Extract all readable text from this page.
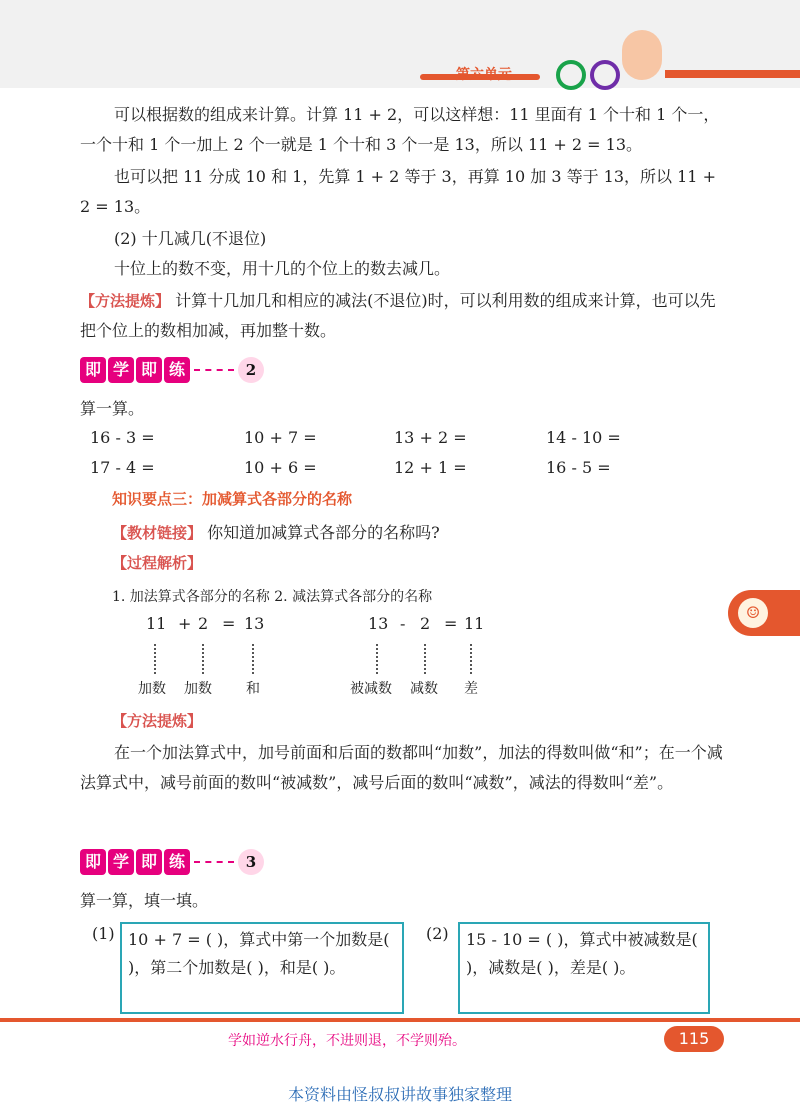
第六单元
可以根据数的组成来计算。计算 11 + 2，可以这样想：11 里面有 1 个十和 1 个一，一个十和 1 个一加上 2 个一就是 1 个十和 3 个一是 13，所以 11 + 2 = 13。
也可以把 11 分成 10 和 1，先算 1 + 2 等于 3，再算 10 加 3 等于 13，所以 11 + 2 = 13。
(2) 十几减几(不退位)
十位上的数不变，用十几的个位上的数去减几。
【方法提炼】 计算十几加几和相应的减法(不退位)时，可以利用数的组成来计算，也可以先把个位上的数相加减，再加整十数。
即 学 即 练	2
算一算。
16 - 3 =	10 + 7 =	13 + 2 =	14 - 10 =
17 - 4 =	10 + 6 =	12 + 1 =	16 - 5 =
知识要点三：加减算式各部分的名称
【教材链接】 你知道加减算式各部分的名称吗?
【过程解析】
1. 加法算式各部分的名称 2. 减法算式各部分的名称
11 + 2 = 13
加数 加数 和
13 - 2 = 11
被减数 减数 差
【方法提炼】
在一个加法算式中，加号前面和后面的数都叫“加数”，加法的得数叫做“和”；在一个减法算式中，减号前面的数叫“被减数”，减号后面的数叫“减数”，减法的得数叫“差”。
即 学 即 练	3
算一算，填一填。
(1) 10 + 7 = ( )，算式中第一个加数是( )，第二个加数是( )，和是( )。
(2)	15 - 10 = ( )，算式中被减数是( )，减数是( )，差是( )。
☺
学如逆水行舟，不进则退，不学则殆。	115
本资料由怪叔叔讲故事独家整理
